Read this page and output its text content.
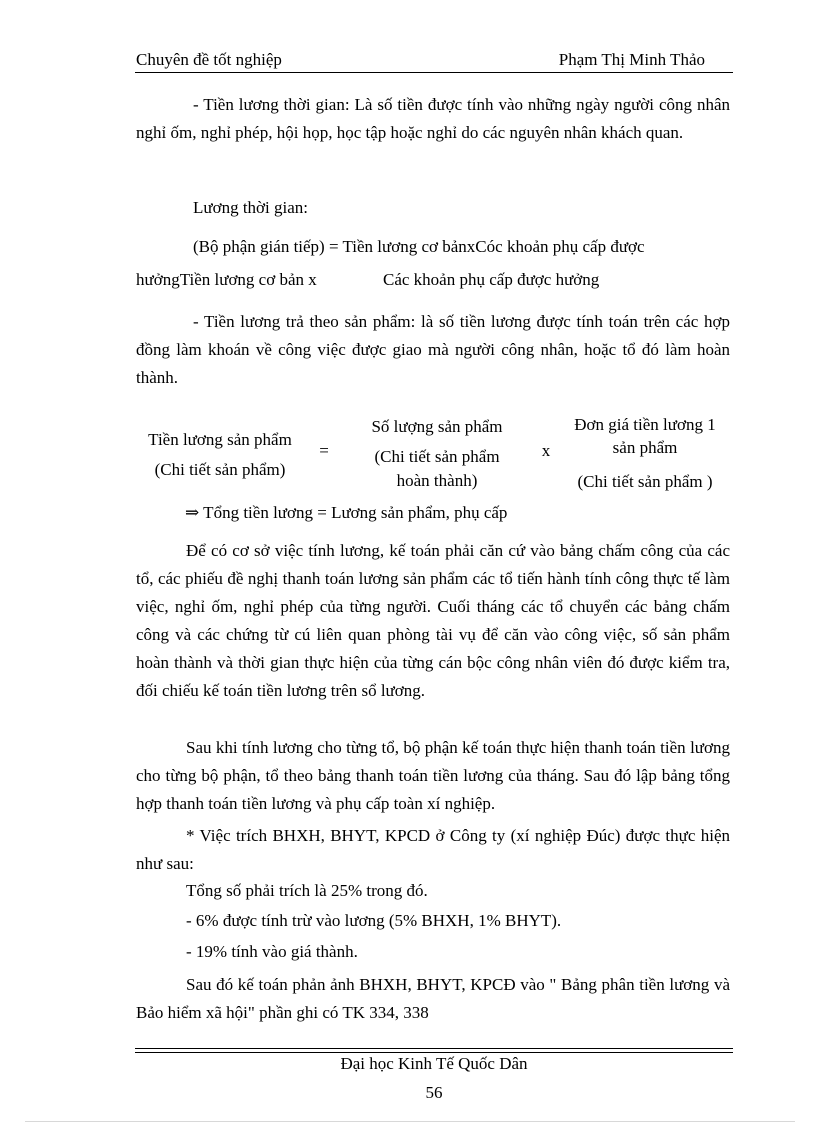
Chuyên đề tốt nghiệp	Phạm Thị Minh Thảo
- Tiền lương thời gian: Là số tiền được tính vào những ngày người công nhân nghỉ ốm, nghỉ phép, hội họp, học tập hoặc nghỉ do các nguyên nhân khách quan.
Lương thời gian:
(Bộ phận gián tiếp) = Tiền lương cơ bảnxCóc khoản phụ cấp được
hưởngTiền lương cơ bản x	Các khoản phụ cấp được hưởng
- Tiền lương trả theo sản phẩm: là số tiền lương được tính toán trên các hợp đồng làm khoán về công việc được giao mà người công nhân, hoặc tổ đó làm hoàn thành.
Tiền lương sản phẩm
(Chi tiết sản phẩm)
=
Số lượng sản phẩm
(Chi tiết sản phẩm
hoàn thành)
x
Đơn giá tiền lương 1
sản phẩm
(Chi tiết sản phẩm )
⇒ Tổng tiền lương = Lương sản phẩm, phụ cấp
Để có cơ sở việc tính lương, kế toán phải căn cứ vào bảng chấm công của các tổ, các phiếu đề nghị thanh toán lương sản phẩm các tổ tiến hành tính công thực tế làm việc, nghỉ ốm, nghỉ phép của từng người. Cuối tháng các tổ chuyển các bảng chấm công và các chứng từ cú liên quan phòng tài vụ để căn vào công việc, số sản phẩm hoàn thành và thời gian thực hiện của từng cán bộc công nhân viên đó được kiểm tra, đối chiếu kế toán tiền lương trên sổ lương.
Sau khi tính lương cho từng tổ, bộ phận kế toán thực hiện thanh toán tiền lương cho từng bộ phận, tổ theo bảng thanh toán tiền lương của tháng. Sau đó lập bảng tổng hợp thanh toán tiền lương và phụ cấp toàn xí nghiệp.
* Việc trích BHXH, BHYT, KPCD ở Công ty (xí nghiệp Đúc) được thực hiện như sau:
Tổng số phải trích là 25% trong đó.
- 6% được tính trừ vào lương (5% BHXH, 1% BHYT).
- 19% tính vào giá thành.
Sau đó kế toán phản ảnh BHXH, BHYT, KPCĐ vào " Bảng phân tiền lương và Bảo hiểm xã hội" phần ghi có TK 334, 338
Đại học Kinh Tế Quốc Dân
56
